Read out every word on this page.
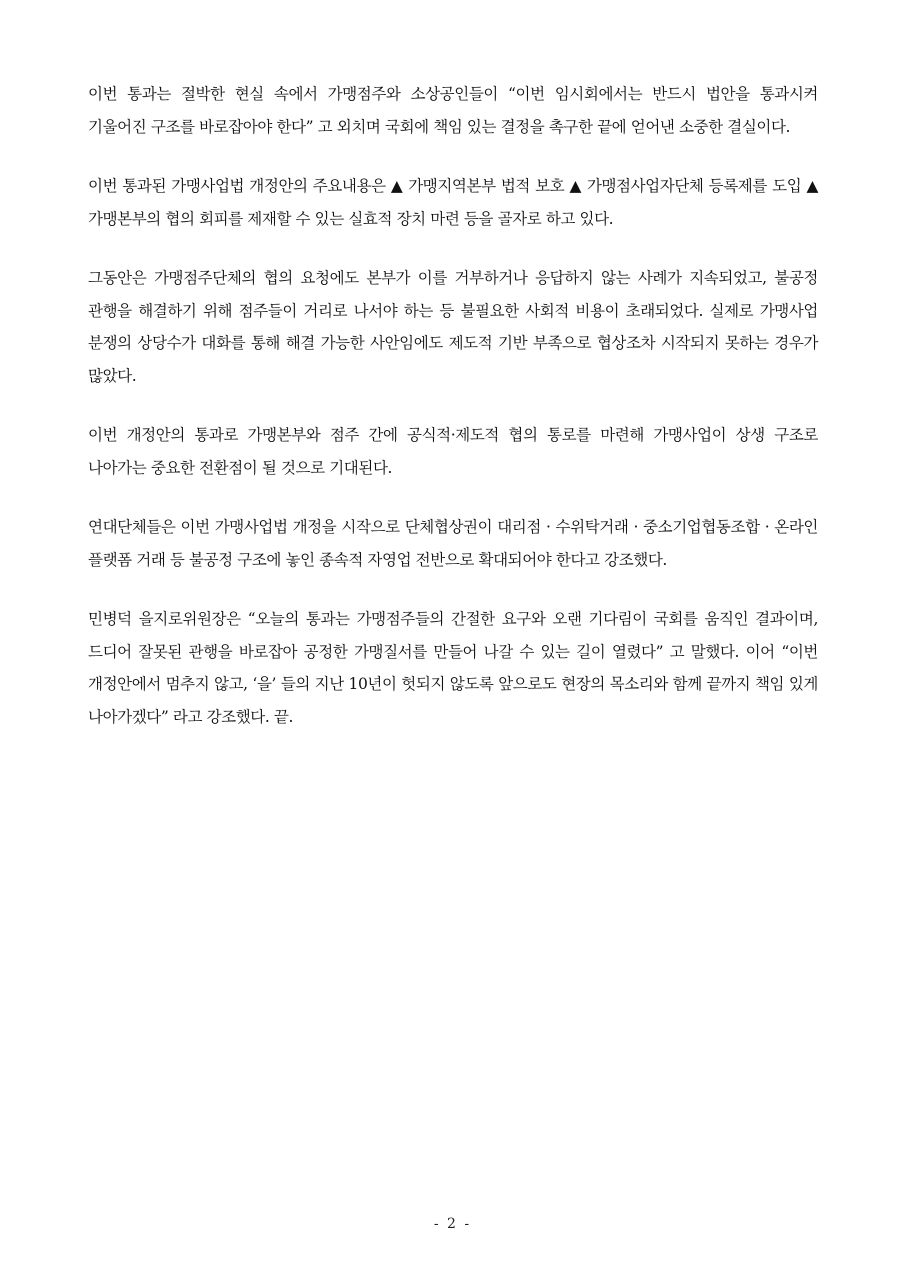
이번 통과는 절박한 현실 속에서 가맹점주와 소상공인들이 “이번 임시회에서는 반드시 법안을 통과시켜 기울어진 구조를 바로잡아야 한다” 고 외치며 국회에 책임 있는 결정을 촉구한 끝에 얻어낸 소중한 결실이다.

이번 통과된 가맹사업법 개정안의 주요내용은 ▲ 가맹지역본부 법적 보호 ▲ 가맹점사업자단체 등록제를 도입 ▲ 가맹본부의 협의 회피를 제재할 수 있는 실효적 장치 마련 등을 골자로 하고 있다.

그동안은 가맹점주단체의 협의 요청에도 본부가 이를 거부하거나 응답하지 않는 사례가 지속되었고, 불공정 관행을 해결하기 위해 점주들이 거리로 나서야 하는 등 불필요한 사회적 비용이 초래되었다. 실제로 가맹사업 분쟁의 상당수가 대화를 통해 해결 가능한 사안임에도 제도적 기반 부족으로 협상조차 시작되지 못하는 경우가 많았다.

이번 개정안의 통과로 가맹본부와 점주 간에 공식적·제도적 협의 통로를 마련해 가맹사업이 상생 구조로 나아가는 중요한 전환점이 될 것으로 기대된다.

연대단체들은 이번 가맹사업법 개정을 시작으로 단체협상권이 대리점 · 수위탁거래 · 중소기업협동조합 · 온라인 플랫폼 거래 등 불공정 구조에 놓인 종속적 자영업 전반으로 확대되어야 한다고 강조했다.

민병덕 을지로위원장은 “오늘의 통과는 가맹점주들의 간절한 요구와 오랜 기다림이 국회를 움직인 결과이며, 드디어 잘못된 관행을 바로잡아 공정한 가맹질서를 만들어 나갈 수 있는 길이 열렸다” 고 말했다. 이어 “이번 개정안에서 멈추지 않고, ‘을’ 들의 지난 10년이 헛되지 않도록 앞으로도 현장의 목소리와 함께 끝까지 책임 있게 나아가겠다” 라고 강조했다. 끝.

- 2 -
